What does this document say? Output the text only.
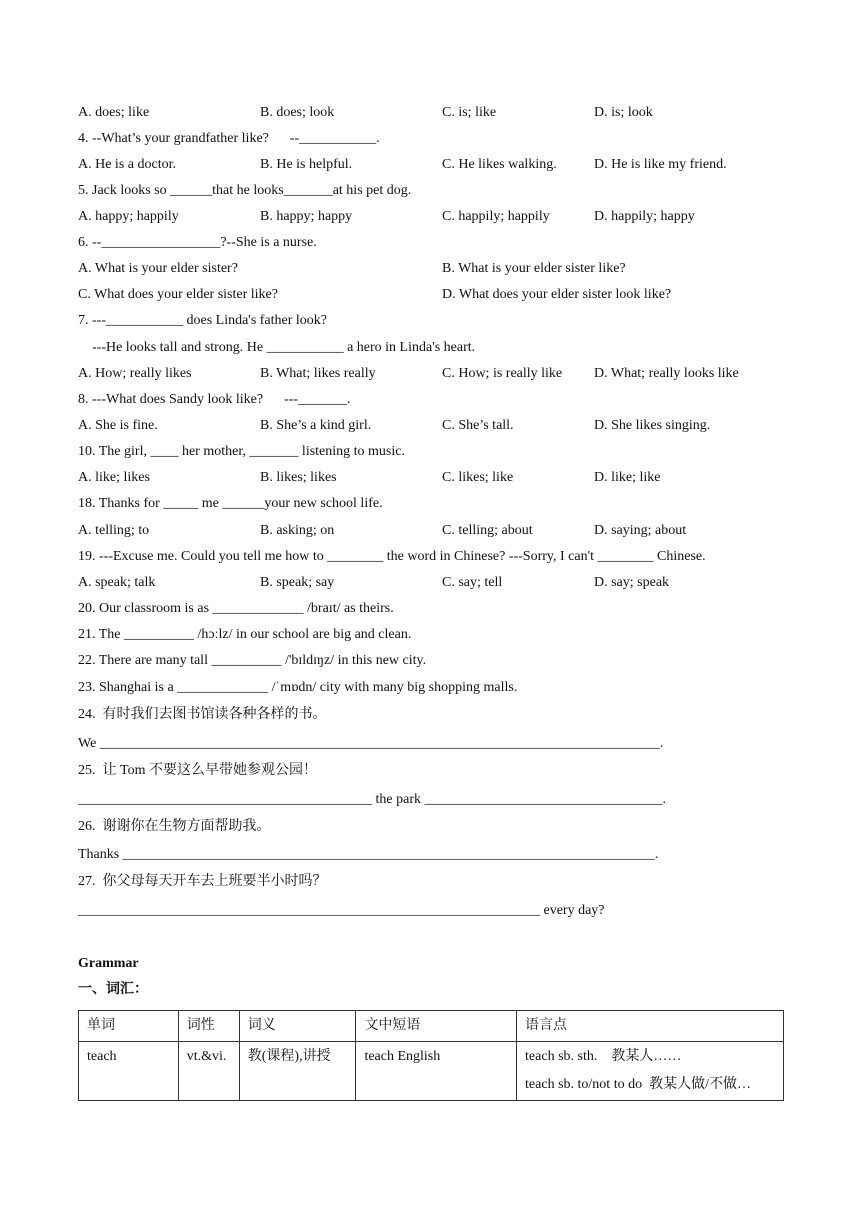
A. does; like	B. does; look	C. is; like	D. is; look
4. --What’s your grandfather like?      --___________.
A. He is a doctor.	B. He is helpful.	C. He likes walking.	D. He is like my friend.
5. Jack looks so ______that he looks_______at his pet dog.
A. happy; happily	B. happy; happy	C. happily; happily	D. happily; happy
6. --_________________?--She is a nurse.
A. What is your elder sister?	B. What is your elder sister like?
C. What does your elder sister like?	D. What does your elder sister look like?
7. ---___________ does Linda's father look?
---He looks tall and strong. He ___________ a hero in Linda's heart.
A. How; really likes	B. What; likes really	C. How; is really like D. What; really looks like
8. ---What does Sandy look like?      ---_______.
A. She is fine.	B. She’s a kind girl.	C. She’s tall.	D. She likes singing.
10. The girl, ____ her mother, _______ listening to music.
A. like; likes	B. likes; likes	C. likes; like	D. like; like
18. Thanks for _____ me ______your new school life.
A. telling; to	B. asking; on	C. telling; about	D. saying; about
19. ---Excuse me. Could you tell me how to ________ the word in Chinese? ---Sorry, I can't ________ Chinese.
A. speak; talk	B. speak; say	C. say; tell	D. say; speak
20. Our classroom is as _____________ /braɪt/ as theirs.
21. The __________ /hɔːlz/ in our school are big and clean.
22. There are many tall __________ /'bɪldɪŋz/ in this new city.
23. Shanghai is a _____________ /ˈmɒdn/ city with many big shopping malls.
24.  有时我们去图书馆读各种各样的书。
We ________________________________________________________________________________.
25.  让 Tom 不要这么早带她参观公园！
__________________________________________ the park __________________________________.
26.  谢谢你在生物方面帮助我。
Thanks ____________________________________________________________________________.
27.  你父母每天开车去上班要半小时吗？
__________________________________________________________________ every day?
Grammar
一、词汇：
单词	词性	词义	文中短语	语言点
teach	vt.&vi.	教(课程),讲授	teach English	teach sb. sth.    教某人……
teach sb. to/not to do  教某人做/不做…
